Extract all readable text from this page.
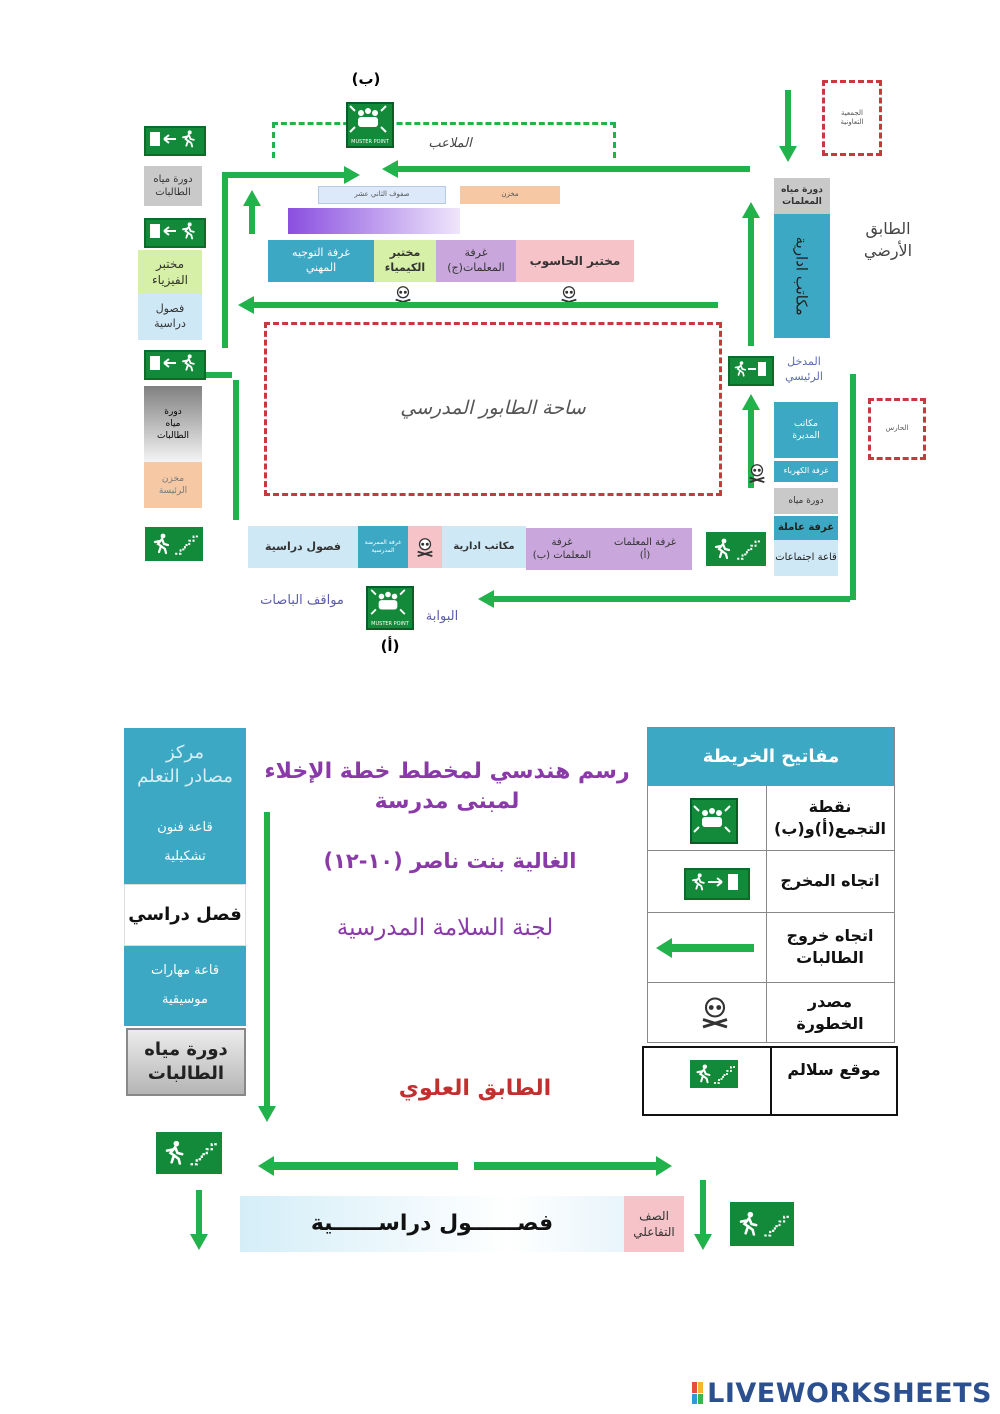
(ب)
الملاعب
MUSTER POINT
الجمعية
التعاونية
الطابق
الأرضي
دورة مياه
الطالبات
مختبر
الفيزياء
فصول
دراسية
دورة
مياه
الطالبات
مخزن
الرئيسة
صفوف الثاني عشر	مخزن
غرفة التوجيه
المهني
مختبر
الكيمياء
غرفة
المعلمات(ج)	مختبر الحاسوب
ساحة الطابور المدرسي
دورة مياه
المعلمات
مكاتب ادارية
المدخل
الرئيسي
مكاتب
المديرة
غرفة الكهرباء
دورة مياه
غرفة عاملة
قاعة اجتماعات
الحارس
فصول دراسية	غرفة الممرضة
المدرسية	مكاتب ادارية	غرفة
المعلمات (ب)
غرفة المعلمات
(أ)
مواقف الباصات
MUSTER POINT	البوابة
(أ)
مركز
مصادر التعلم
قاعة فنون
تشكيلية
فصل دراسي
قاعة مهارات
موسيقية
دورة مياه
الطالبات
رسم هندسي لمخطط خطة الإخلاء لمبنى مدرسة
الغالية بنت ناصر (١٠-١٢)
لجنة السلامة المدرسية
الطابق العلوي
مفاتيح الخريطة
نقطة
التجمع(أ)و(ب)
اتجاه المخرج
اتجاه خروج
الطالبات
مصدر
الخطورة
موقع سلالم
فصــــــول دراســــــية	الصف
التفاعلي
LIVEWORKSHEETS
